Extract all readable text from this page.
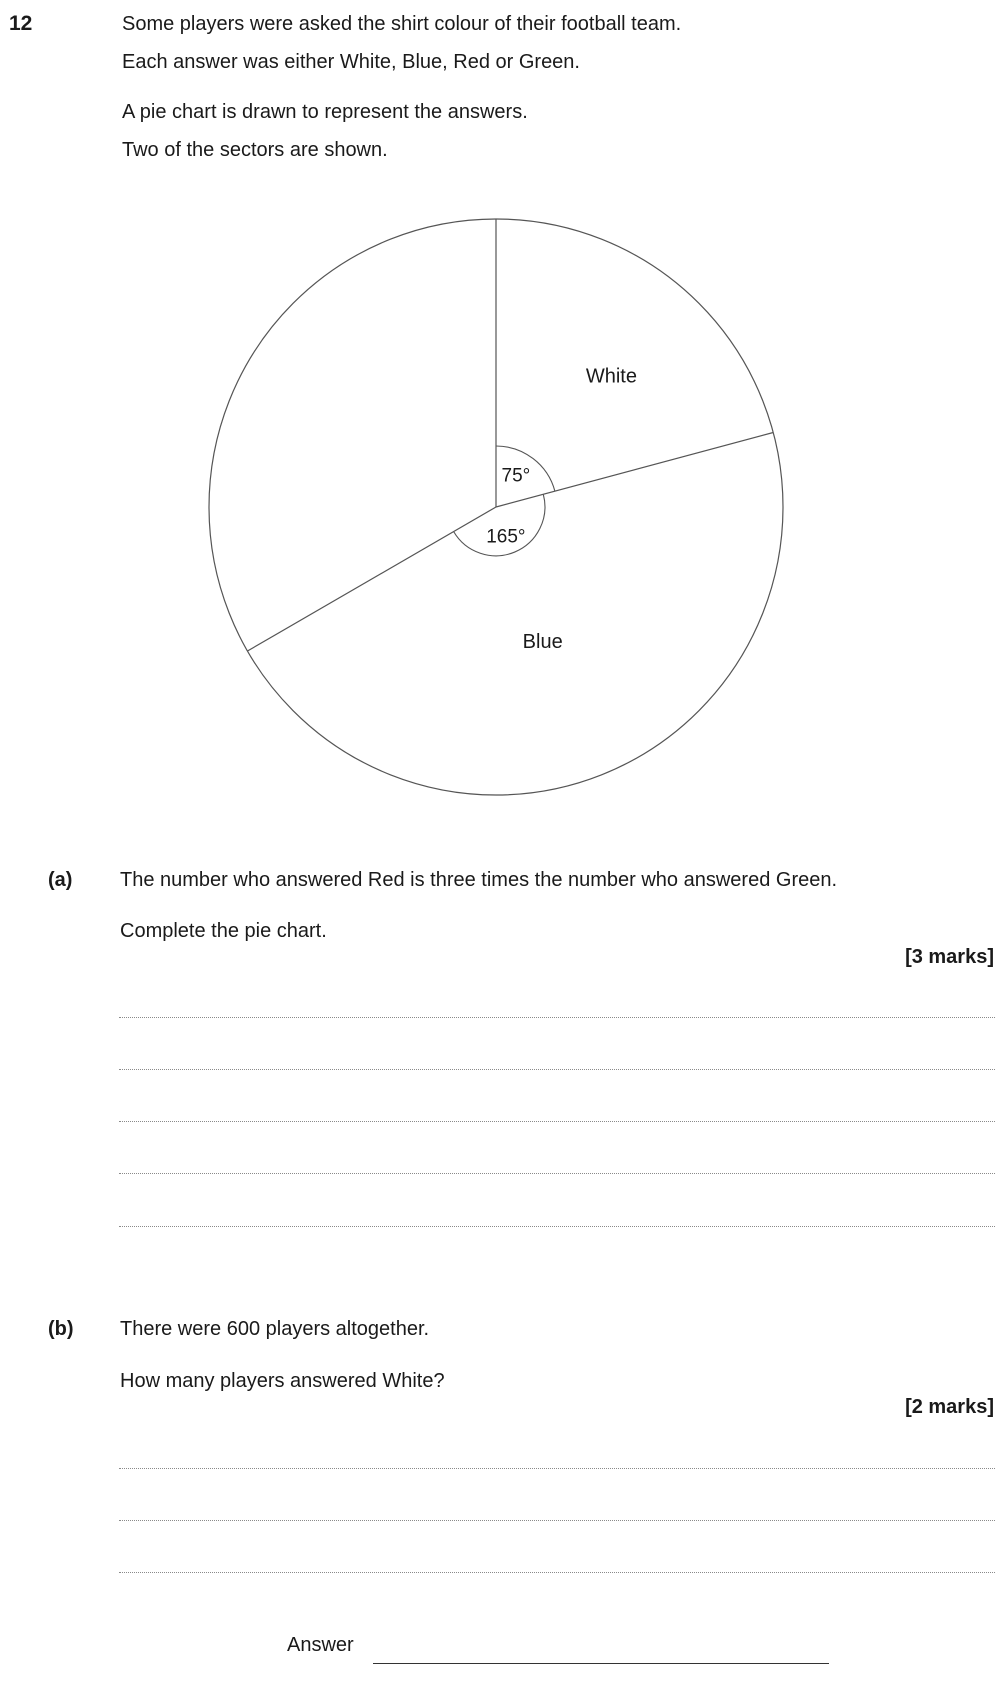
12	Some players were asked the shirt colour of their football team.
Each answer was either White, Blue, Red or Green.
A pie chart is drawn to represent the answers.
Two of the sectors are shown.
White
Blue
75°
165°
(a) The number who answered Red is three times the number who answered Green.
Complete the pie chart.
[3 marks]
(b) There were 600 players altogether.
How many players answered White?
[2 marks]
Answer
